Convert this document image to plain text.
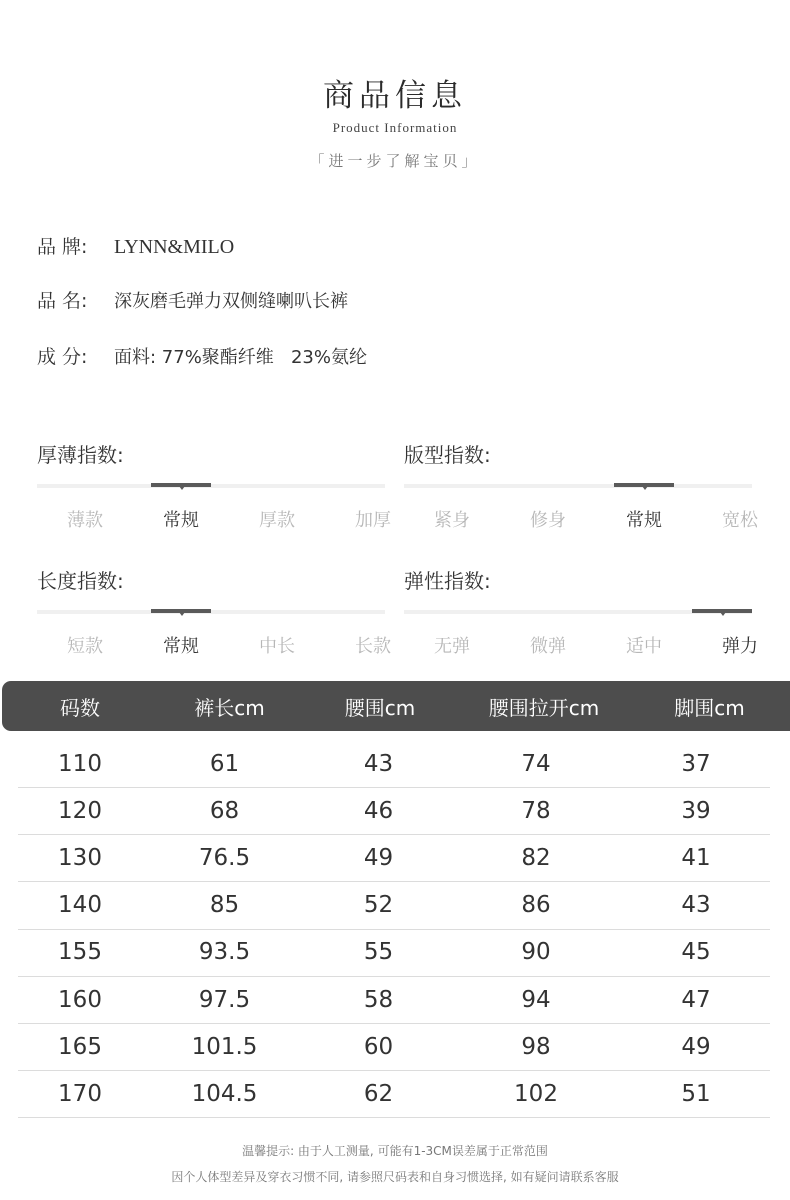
商品信息
Product Information
「进一步了解宝贝」
品 牌: LYNN&MILO
品 名: 深灰磨毛弹力双侧缝喇叭长裤
成 分: 面料: 77%聚酯纤维   23%氨纶
厚薄指数:
薄款	常规	厚款	加厚
版型指数:
紧身	修身	常规	宽松
长度指数:
短款	常规	中长	长款
弹性指数:
无弹	微弹	适中	弹力
码数	裤长cm	腰围cm	腰围拉开cm	脚围cm
110	61	43	74	37
120	68	46	78	39
130	76.5	49	82	41
140	85	52	86	43
155	93.5	55	90	45
160	97.5	58	94	47
165	101.5	60	98	49
170	104.5	62	102	51
温馨提示: 由于人工测量, 可能有1-3CM误差属于正常范围
因个人体型差异及穿衣习惯不同, 请参照尺码表和自身习惯选择, 如有疑问请联系客服
